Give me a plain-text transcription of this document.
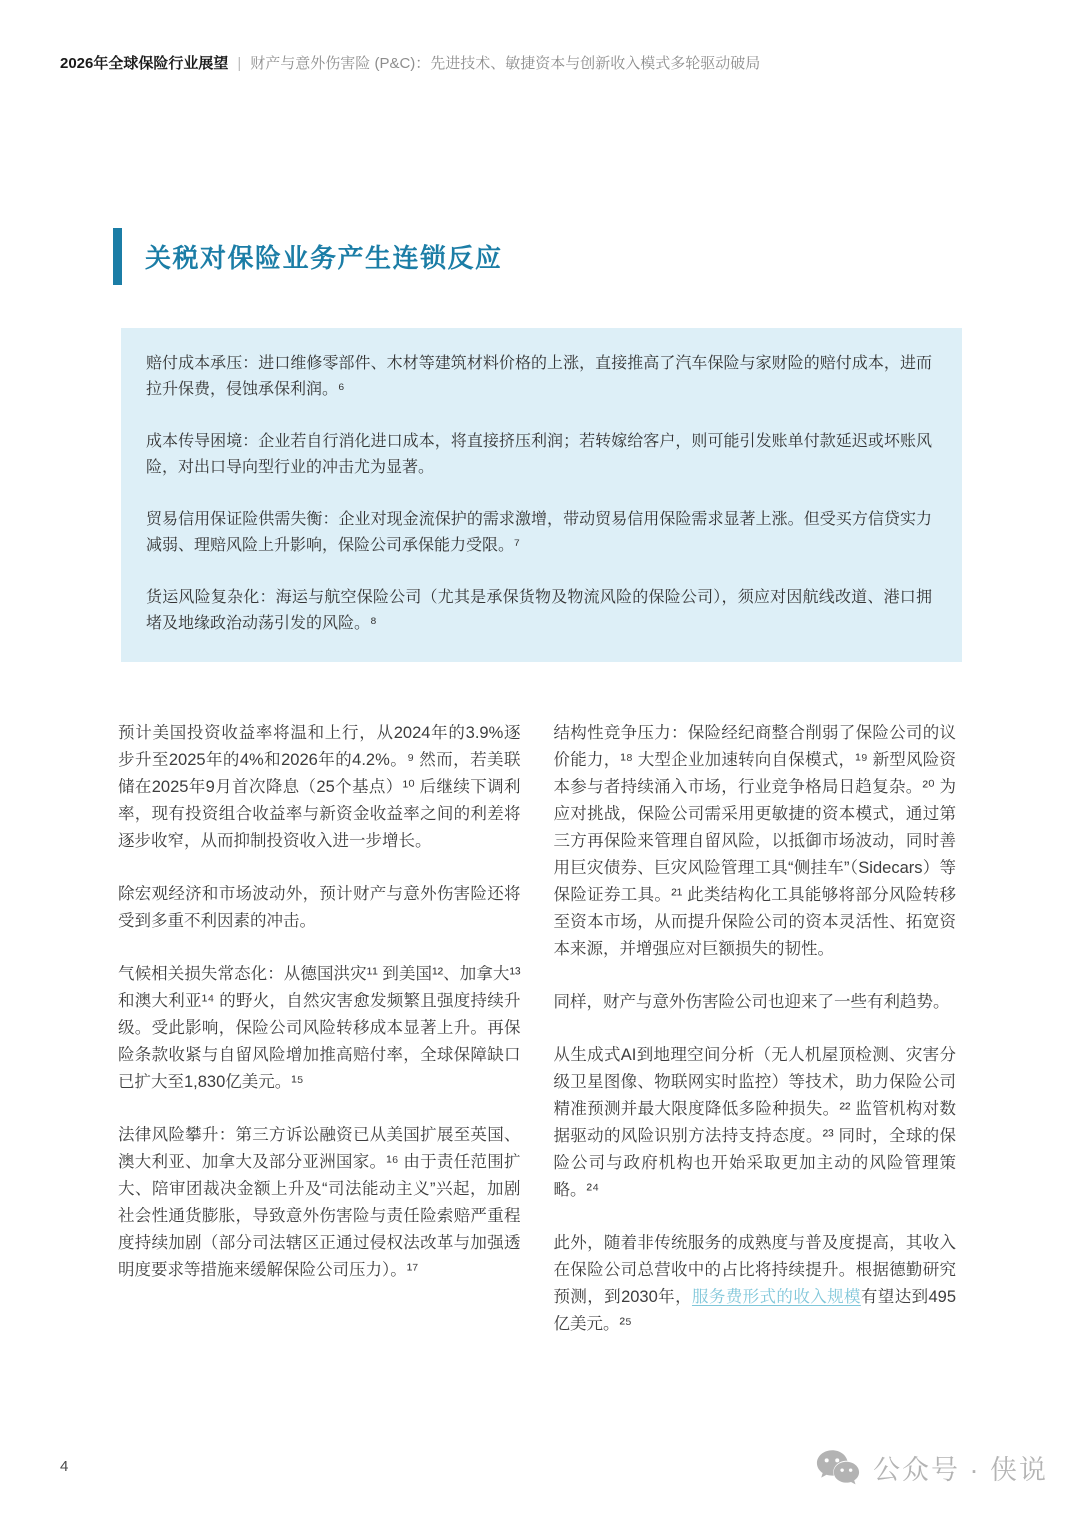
2026年全球保险行业展望 | 财产与意外伤害险 (P&C)：先进技术、敏捷资本与创新收入模式多轮驱动破局
关税对保险业务产生连锁反应

赔付成本承压：进口维修零部件、木材等建筑材料价格的上涨，直接推高了汽车保险与家财险的赔付成本，进而拉升保费，侵蚀承保利润。⁶

成本传导困境：企业若自行消化进口成本，将直接挤压利润；若转嫁给客户，则可能引发账单付款延迟或坏账风险，对出口导向型行业的冲击尤为显著。

贸易信用保证险供需失衡：企业对现金流保护的需求激增，带动贸易信用保险需求显著上涨。但受买方信贷实力减弱、理赔风险上升影响，保险公司承保能力受限。⁷

货运风险复杂化：海运与航空保险公司（尤其是承保货物及物流风险的保险公司），须应对因航线改道、港口拥堵及地缘政治动荡引发的风险。⁸

预计美国投资收益率将温和上行，从2024年的3.9%逐步升至2025年的4%和2026年的4.2%。⁹ 然而，若美联储在2025年9月首次降息（25个基点）¹⁰ 后继续下调利率，现有投资组合收益率与新资金收益率之间的利差将逐步收窄，从而抑制投资收入进一步增长。

除宏观经济和市场波动外，预计财产与意外伤害险还将受到多重不利因素的冲击。

气候相关损失常态化：从德国洪灾¹¹ 到美国¹²、加拿大¹³ 和澳大利亚¹⁴ 的野火，自然灾害愈发频繁且强度持续升级。受此影响，保险公司风险转移成本显著上升。再保险条款收紧与自留风险增加推高赔付率，全球保障缺口已扩大至1,830亿美元。¹⁵

法律风险攀升：第三方诉讼融资已从美国扩展至英国、澳大利亚、加拿大及部分亚洲国家。¹⁶ 由于责任范围扩大、陪审团裁决金额上升及“司法能动主义”兴起，加剧社会性通货膨胀，导致意外伤害险与责任险索赔严重程度持续加剧（部分司法辖区正通过侵权法改革与加强透明度要求等措施来缓解保险公司压力）。¹⁷

结构性竞争压力：保险经纪商整合削弱了保险公司的议价能力，¹⁸ 大型企业加速转向自保模式，¹⁹ 新型风险资本参与者持续涌入市场，行业竞争格局日趋复杂。²⁰ 为应对挑战，保险公司需采用更敏捷的资本模式，通过第三方再保险来管理自留风险，以抵御市场波动，同时善用巨灾债券、巨灾风险管理工具“侧挂车”（Sidecars）等保险证券工具。²¹ 此类结构化工具能够将部分风险转移至资本市场，从而提升保险公司的资本灵活性、拓宽资本来源，并增强应对巨额损失的韧性。

同样，财产与意外伤害险公司也迎来了一些有利趋势。

从生成式AI到地理空间分析（无人机屋顶检测、灾害分级卫星图像、物联网实时监控）等技术，助力保险公司精准预测并最大限度降低多险种损失。²² 监管机构对数据驱动的风险识别方法持支持态度。²³ 同时，全球的保险公司与政府机构也开始采取更加主动的风险管理策略。²⁴

此外，随着非传统服务的成熟度与普及度提高，其收入在保险公司总营收中的占比将持续提升。根据德勤研究预测，到2030年，服务费形式的收入规模有望达到495亿美元。²⁵

4	公众号 · 侠说
